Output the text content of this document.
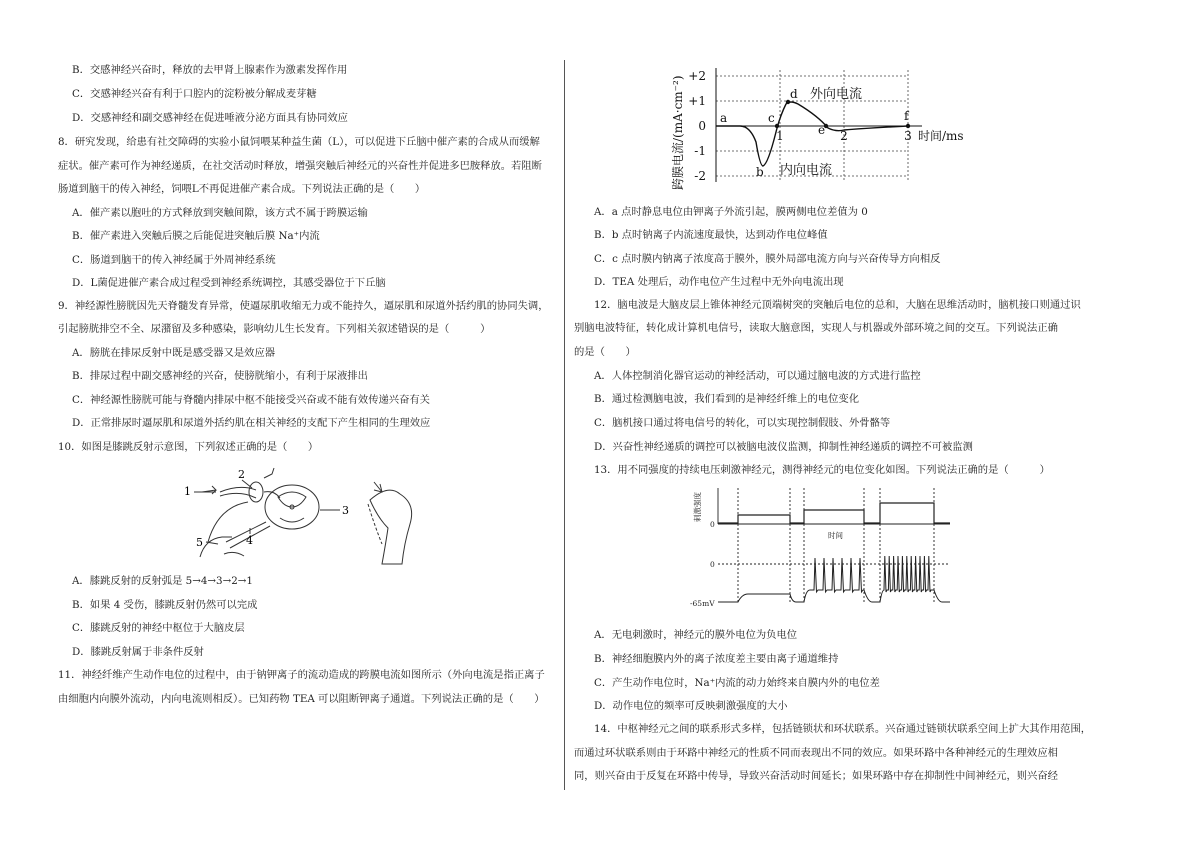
B．交感神经兴奋时，释放的去甲肾上腺素作为激素发挥作用
C．交感神经兴奋有利于口腔内的淀粉被分解成麦芽糖
D．交感神经和副交感神经在促进唾液分泌方面具有协同效应
8．研究发现，给患有社交障碍的实验小鼠饲喂某种益生菌（L），可以促进下丘脑中催产素的合成从而缓解
症状。催产素可作为神经递质，在社交活动时释放，增强突触后神经元的兴奋性并促进多巴胺释放。若阻断
肠道到脑干的传入神经，饲喂L不再促进催产素合成。下列说法正确的是（　　）
A．催产素以胞吐的方式释放到突触间隙，该方式不属于跨膜运输
B．催产素进入突触后膜之后能促进突触后膜 Na⁺内流
C．肠道到脑干的传入神经属于外周神经系统
D．L菌促进催产素合成过程受到神经系统调控，其感受器位于下丘脑
9．神经源性膀胱因先天脊髓发育异常，使逼尿肌收缩无力或不能持久，逼尿肌和尿道外括约肌的协同失调，
引起膀胱排空不全、尿潴留及多种感染，影响幼儿生长发育。下列相关叙述错误的是（　　　）
A．膀胱在排尿反射中既是感受器又是效应器
B．排尿过程中副交感神经的兴奋，使膀胱缩小，有利于尿液排出
C．神经源性膀胱可能与脊髓内排尿中枢不能接受兴奋或不能有效传递兴奋有关
D．正常排尿时逼尿肌和尿道外括约肌在相关神经的支配下产生相同的生理效应
10．如图是膝跳反射示意图，下列叙述正确的是（　　）
1
2
3
4
5
A．膝跳反射的反射弧是 5→4→3→2→1
B．如果 4 受伤，膝跳反射仍然可以完成
C．膝跳反射的神经中枢位于大脑皮层
D．膝跳反射属于非条件反射
11．神经纤维产生动作电位的过程中，由于钠钾离子的流动造成的跨膜电流如图所示（外向电流是指正离子
由细胞内向膜外流动，内向电流则相反）。已知药物 TEA 可以阻断钾离子通道。下列说法正确的是（　　）
+2
+1
0
-1
-2
1	2	3 时间/ms
a
b
c
d
e
f
外向电流
内向电流
跨膜电流/(mA·cm⁻²)
A．a 点时静息电位由钾离子外流引起，膜两侧电位差值为 0
B．b 点时钠离子内流速度最快，达到动作电位峰值
C．c 点时膜内钠离子浓度高于膜外，膜外局部电流方向与兴奋传导方向相反
D．TEA 处理后，动作电位产生过程中无外向电流出现
12．脑电波是大脑皮层上锥体神经元顶端树突的突触后电位的总和，大脑在思维活动时，脑机接口则通过识
别脑电波特征，转化成计算机电信号，读取大脑意图，实现人与机器或外部环境之间的交互。下列说法正确
的是（　　）
A．人体控制消化器官运动的神经活动，可以通过脑电波的方式进行监控
B．通过检测脑电波，我们看到的是神经纤维上的电位变化
C．脑机接口通过将电信号的转化，可以实现控制假肢、外骨骼等
D．兴奋性神经递质的调控可以被脑电波仪监测，抑制性神经递质的调控不可被监测
13．用不同强度的持续电压刺激神经元，测得神经元的电位变化如图。下列说法正确的是（　　　）
刺激强度
0
时间
0
-65mV
A．无电刺激时，神经元的膜外电位为负电位
B．神经细胞膜内外的离子浓度差主要由离子通道维持
C．产生动作电位时，Na⁺内流的动力始终来自膜内外的电位差
D．动作电位的频率可反映刺激强度的大小
14．中枢神经元之间的联系形式多样，包括链锁状和环状联系。兴奋通过链锁状联系空间上扩大其作用范围，
而通过环状联系则由于环路中神经元的性质不同而表现出不同的效应。如果环路中各种神经元的生理效应相
同，则兴奋由于反复在环路中传导，导致兴奋活动时间延长；如果环路中存在抑制性中间神经元，则兴奋经
